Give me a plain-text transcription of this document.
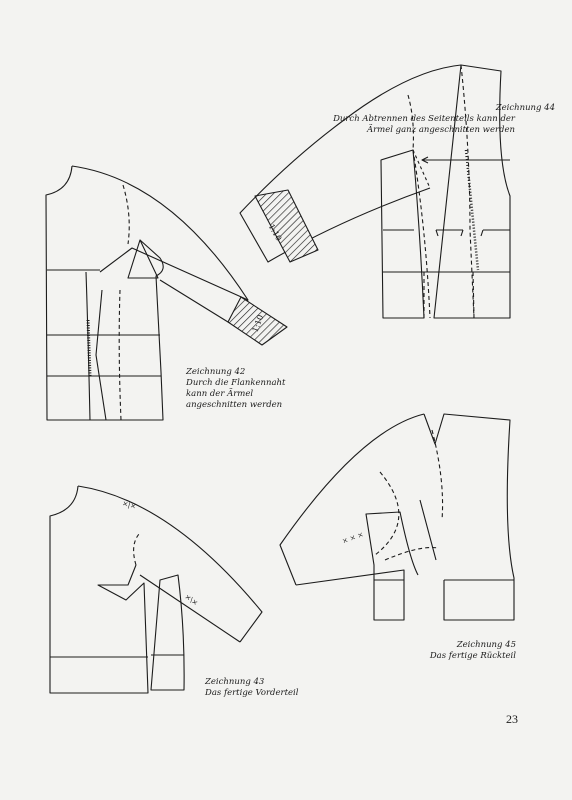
Zeichnung 44
Durch Abtrennen des Seitenteils kann der
Ärmel ganz angeschnitten werden
Zeichnung 42
Durch die Flankennaht
kann der Ärmel
angeschnitten werden
Zeichnung 43
Das fertige Vorderteil
Zeichnung 45
Das fertige Rückteil
1:10
1:10
×|×
×\×
× × ×
23
